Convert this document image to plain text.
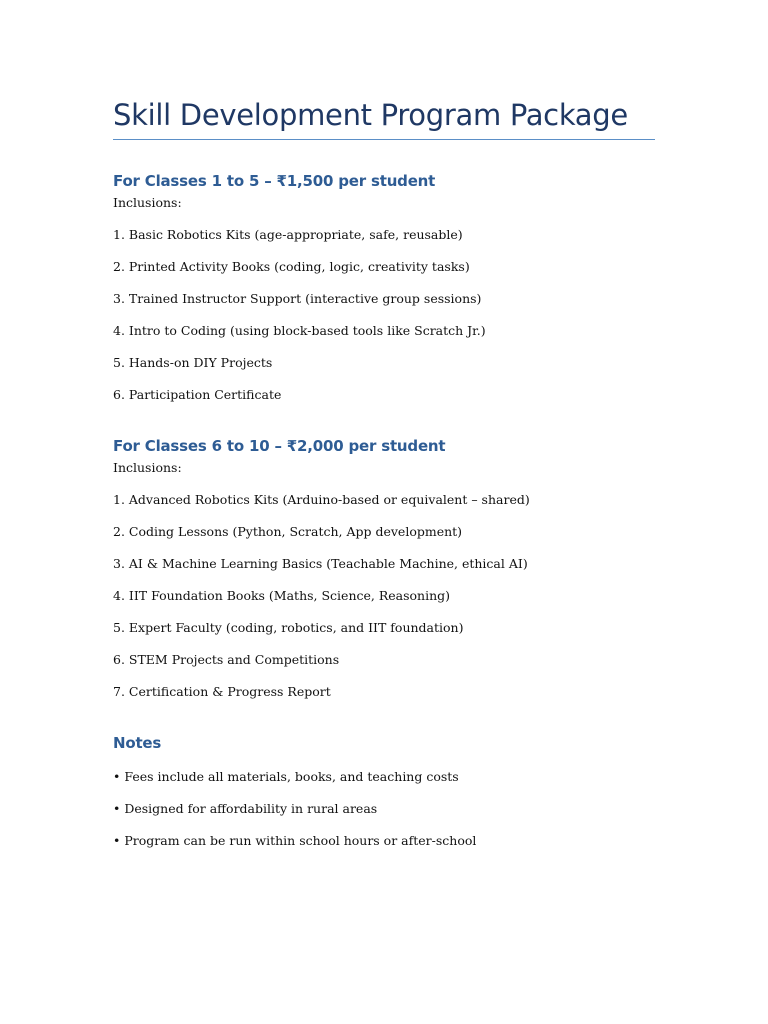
Skill Development Program Package
For Classes 1 to 5 – ₹1,500 per student

Inclusions:

1. Basic Robotics Kits (age-appropriate, safe, reusable)
2. Printed Activity Books (coding, logic, creativity tasks)
3. Trained Instructor Support (interactive group sessions)
4. Intro to Coding (using block-based tools like Scratch Jr.)
5. Hands-on DIY Projects
6. Participation Certificate
For Classes 6 to 10 – ₹2,000 per student

Inclusions:

1. Advanced Robotics Kits (Arduino-based or equivalent – shared)
2. Coding Lessons (Python, Scratch, App development)
3. AI & Machine Learning Basics (Teachable Machine, ethical AI)
4. IIT Foundation Books (Maths, Science, Reasoning)
5. Expert Faculty (coding, robotics, and IIT foundation)
6. STEM Projects and Competitions
7. Certification & Progress Report
Notes

• Fees include all materials, books, and teaching costs

• Designed for affordability in rural areas

• Program can be run within school hours or after-school
